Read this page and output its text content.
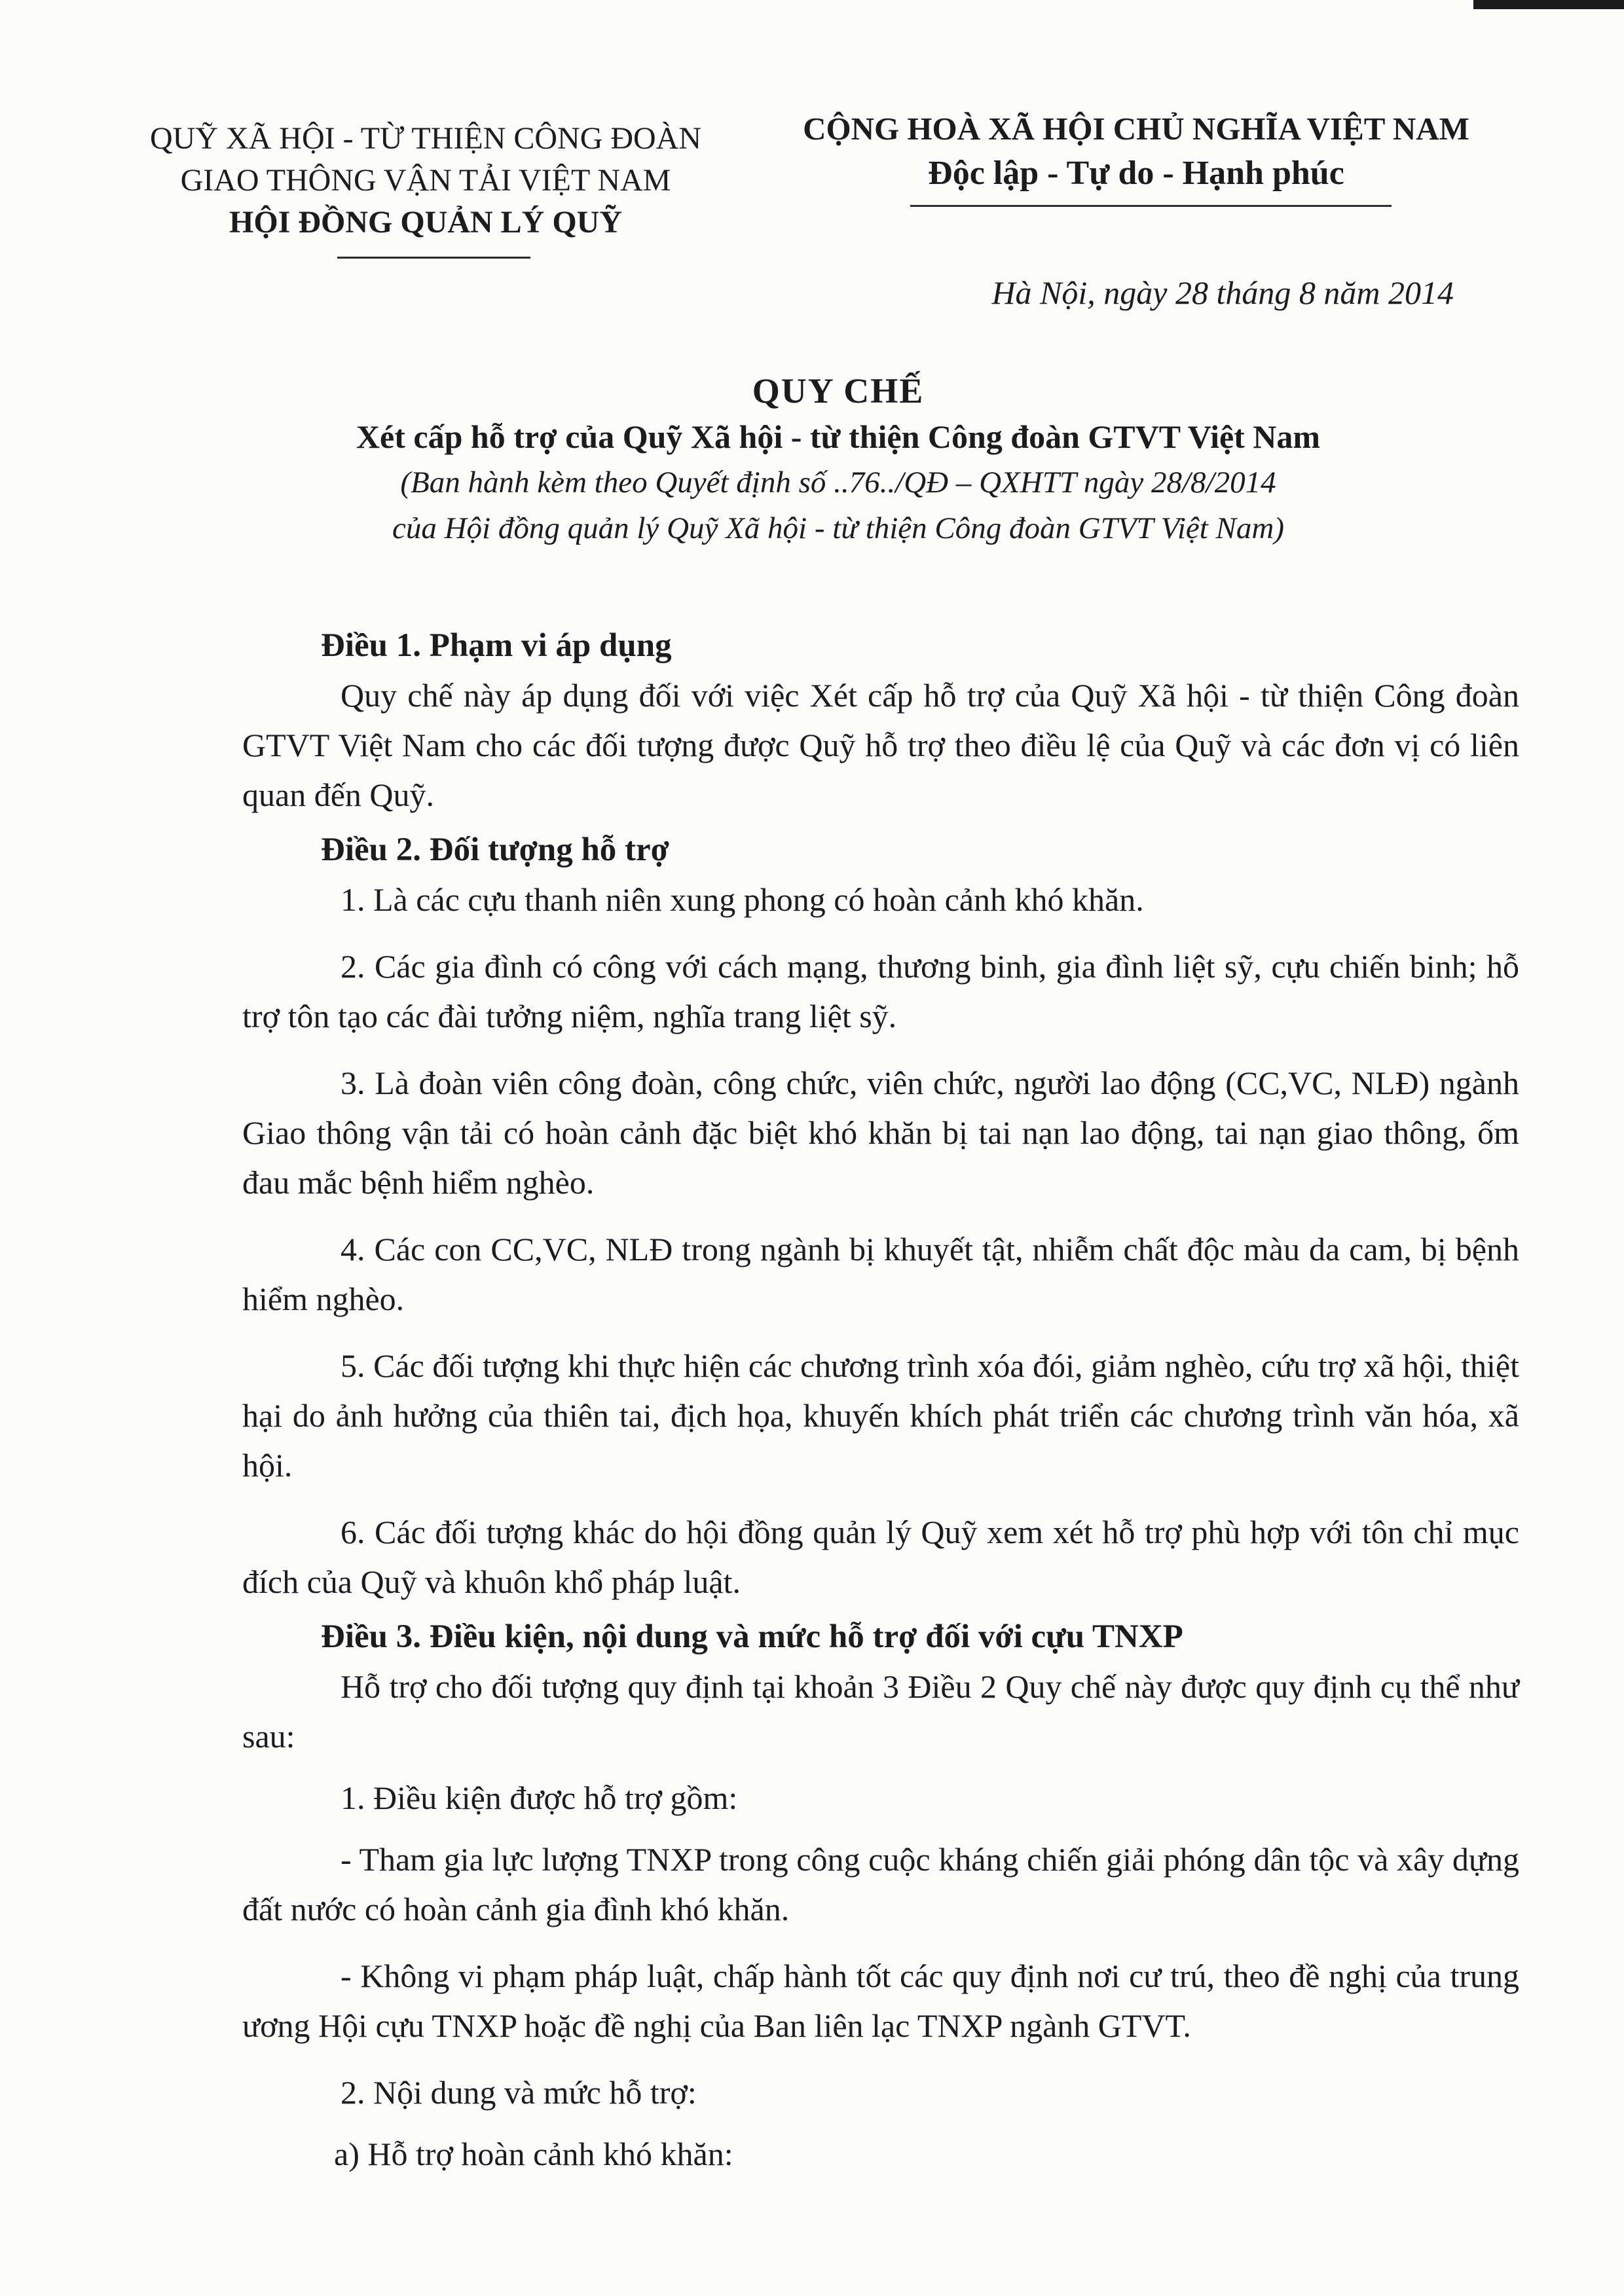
QUỸ XÃ HỘI - TỪ THIỆN CÔNG ĐOÀN
GIAO THÔNG VẬN TẢI VIỆT NAM
HỘI ĐỒNG QUẢN LÝ QUỸ
CỘNG HOÀ XÃ HỘI CHỦ NGHĨA VIỆT NAM
Độc lập - Tự do - Hạnh phúc
Hà Nội, ngày 28 tháng 8 năm 2014
QUY CHẾ
Xét cấp hỗ trợ của Quỹ Xã hội - từ thiện Công đoàn GTVT Việt Nam
(Ban hành kèm theo Quyết định số ..76../QĐ – QXHTT ngày 28/8/2014
của Hội đồng quản lý Quỹ Xã hội - từ thiện Công đoàn GTVT Việt Nam)

Điều 1. Phạm vi áp dụng

Quy chế này áp dụng đối với việc Xét cấp hỗ trợ của Quỹ Xã hội - từ thiện Công đoàn GTVT Việt Nam cho các đối tượng được Quỹ hỗ trợ theo điều lệ của Quỹ và các đơn vị có liên quan đến Quỹ.

Điều 2. Đối tượng hỗ trợ

1. Là các cựu thanh niên xung phong có hoàn cảnh khó khăn.

2. Các gia đình có công với cách mạng, thương binh, gia đình liệt sỹ, cựu chiến binh; hỗ trợ tôn tạo các đài tưởng niệm, nghĩa trang liệt sỹ.

3. Là đoàn viên công đoàn, công chức, viên chức, người lao động (CC,VC, NLĐ) ngành Giao thông vận tải có hoàn cảnh đặc biệt khó khăn bị tai nạn lao động, tai nạn giao thông, ốm đau mắc bệnh hiểm nghèo.

4. Các con CC,VC, NLĐ trong ngành bị khuyết tật, nhiễm chất độc màu da cam, bị bệnh hiểm nghèo.

5. Các đối tượng khi thực hiện các chương trình xóa đói, giảm nghèo, cứu trợ xã hội, thiệt hại do ảnh hưởng của thiên tai, địch họa, khuyến khích phát triển các chương trình văn hóa, xã hội.

6. Các đối tượng khác do hội đồng quản lý Quỹ xem xét hỗ trợ phù hợp với tôn chỉ mục đích của Quỹ và khuôn khổ pháp luật.

Điều 3. Điều kiện, nội dung và mức hỗ trợ đối với cựu TNXP

Hỗ trợ cho đối tượng quy định tại khoản 3 Điều 2 Quy chế này được quy định cụ thể như sau:

1. Điều kiện được hỗ trợ gồm:

- Tham gia lực lượng TNXP trong công cuộc kháng chiến giải phóng dân tộc và xây dựng đất nước có hoàn cảnh gia đình khó khăn.

- Không vi phạm pháp luật, chấp hành tốt các quy định nơi cư trú, theo đề nghị của trung ương Hội cựu TNXP hoặc đề nghị của Ban liên lạc TNXP ngành GTVT.

2. Nội dung và mức hỗ trợ:

a) Hỗ trợ hoàn cảnh khó khăn:
